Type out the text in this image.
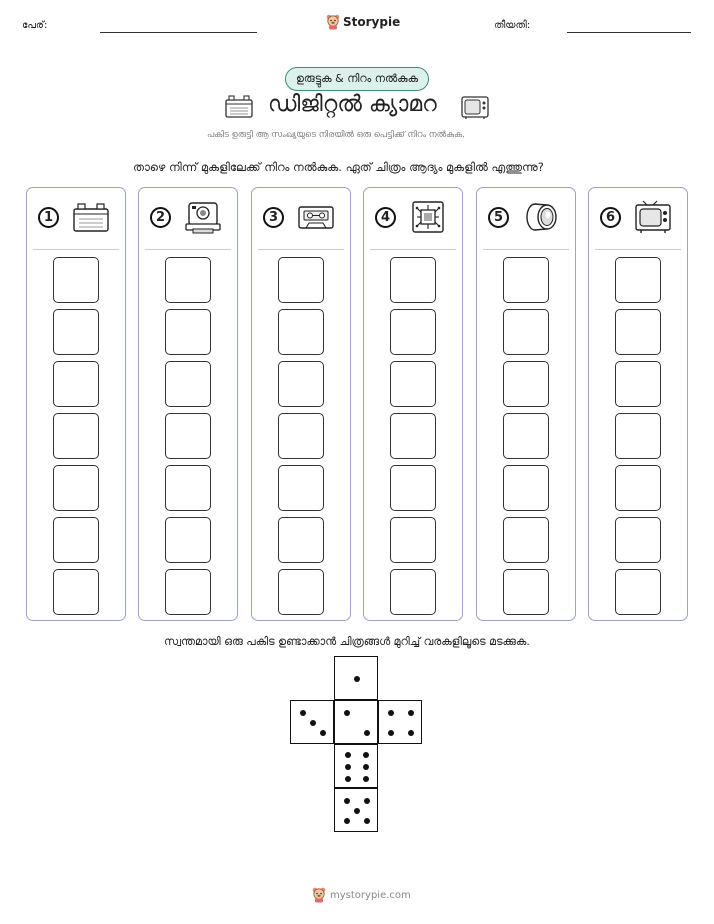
പേര്:	Storypie	തീയതി:
ഉരുട്ടുക & നിറം നൽകുക
ഡിജിറ്റൽ ക്യാമറ
പകിട ഉരുട്ടി ആ സംഖ്യയുടെ നിരയിൽ ഒരു പെട്ടിക്ക് നിറം നൽകുക.
താഴെ നിന്ന് മുകളിലേക്ക് നിറം നൽകുക. ഏത് ചിത്രം ആദ്യം മുകളിൽ എത്തുന്നു?
1	2	3	4	5	6
സ്വന്തമായി ഒരു പകിട ഉണ്ടാക്കാൻ ചിത്രങ്ങൾ മുറിച്ച് വരകളിലൂടെ മടക്കുക.
mystorypie.com
